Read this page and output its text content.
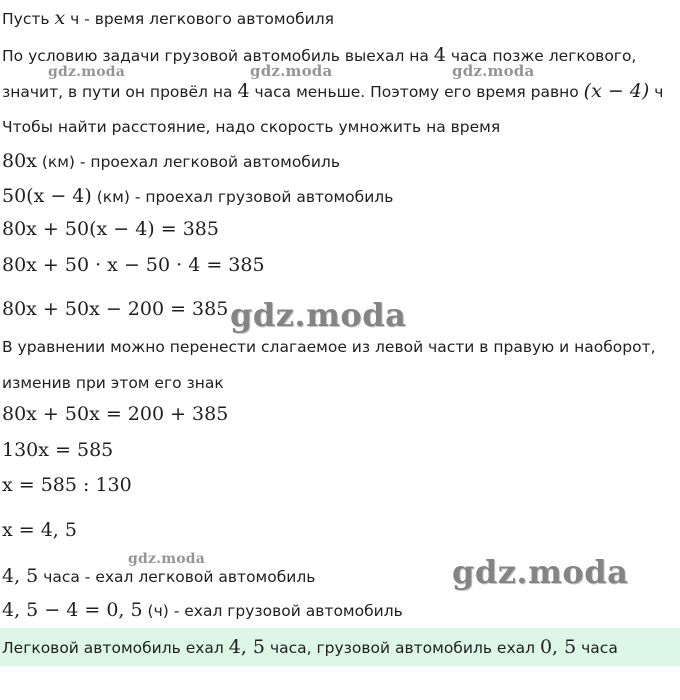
Пусть x ч - время легкового автомобиля
По условию задачи грузовой автомобиль выехал на 4 часа позже легкового,
значит, в пути он провёл на 4 часа меньше. Поэтому его время равно (x − 4) ч
Чтобы найти расстояние, надо скорость умножить на время
80x (км) - проехал легковой автомобиль
50(x − 4) (км) - проехал грузовой автомобиль
80x + 50(x − 4) = 385
80x + 50 · x − 50 · 4 = 385
80x + 50x − 200 = 385
В уравнении можно перенести слагаемое из левой части в правую и наоборот,
изменив при этом его знак
80x + 50x = 200 + 385
130x = 585
x = 585 : 130
x = 4, 5
4, 5 часа - ехал легковой автомобиль
4, 5 − 4 = 0, 5 (ч) - ехал грузовой автомобиль
Легковой автомобиль ехал 4, 5 часа, грузовой автомобиль ехал 0, 5 часа
gdz.moda	gdz.moda	gdz.moda
gdz.moda
gdz.moda
gdz.moda
